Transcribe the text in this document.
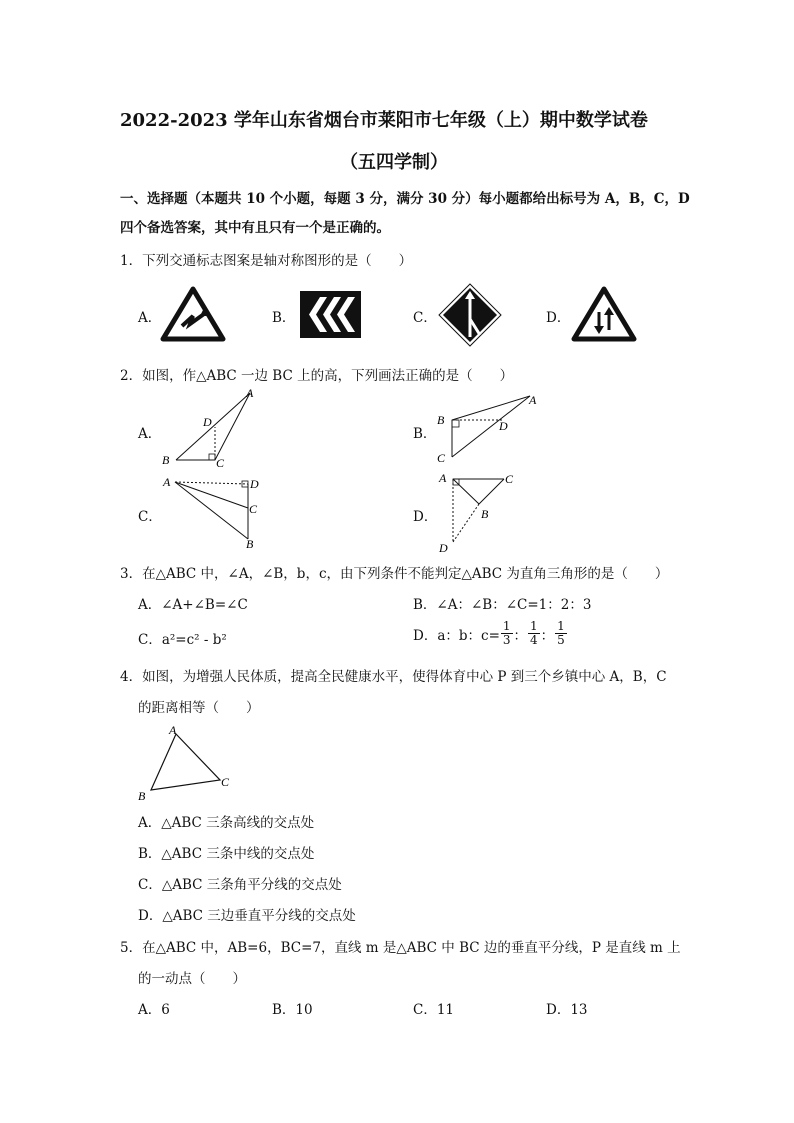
2022-2023 学年山东省烟台市莱阳市七年级（上）期中数学试卷
（五四学制）
一、选择题（本题共 10 个小题，每题 3 分，满分 30 分）每小题都给出标号为 A，B，C，D
四个备选答案，其中有且只有一个是正确的。
1．下列交通标志图案是轴对称图形的是（　　）
A．	B．	C．	D．
2．如图，作△ABC 一边 BC 上的高，下列画法正确的是（　　）
A．	B．
C．	D．
A
B	C
D
A
B
C
D
A
B
C
D	A
B
C
D
3．在△ABC 中，∠A，∠B，b，c，由下列条件不能判定△ABC 为直角三角形的是（　　）
A．∠A+∠B=∠C	B．∠A：∠B：∠C=1：2：3
C．a²=c² - b²	D．a：b：$c= \frac{1}{3}$ ： $\frac{1}{4}$ ： $\frac{1}{5}$
4．如图，为增强人民体质，提高全民健康水平，使得体育中心 P 到三个乡镇中心 A，B，C
的距离相等（　　）
A
B
C
A．△ABC 三条高线的交点处
B．△ABC 三条中线的交点处
C．△ABC 三条角平分线的交点处
D．△ABC 三边垂直平分线的交点处
5．在△ABC 中，AB=6，BC=7，直线 m 是△ABC 中 BC 边的垂直平分线，P 是直线 m 上
的一动点（　　）
A．6	B．10	C．11	D．13
